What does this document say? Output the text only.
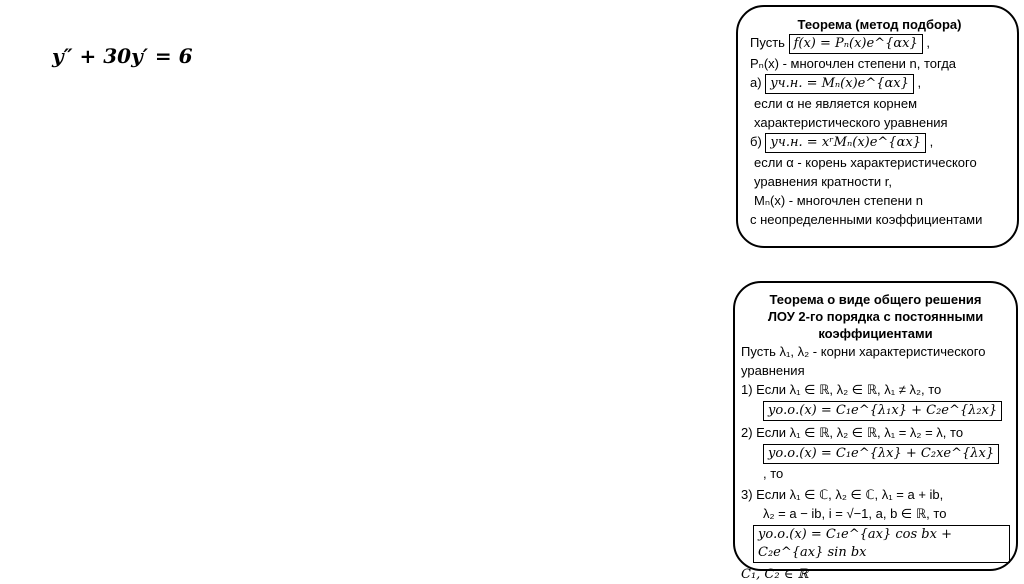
y″ + 30y′ = 6
Теорема (метод подбора)
Пусть f(x) = Pₙ(x)e^{αx} ,
Pₙ(x) - многочлен степени n, тогда
а) yч.н. = Mₙ(x)e^{αx} ,
если α не является корнем
характеристического уравнения
б) yч.н. = xʳMₙ(x)e^{αx} ,
если α - корень характеристического
уравнения кратности r,
Mₙ(x) - многочлен степени n
с неопределенными коэффициентами
Теорема о виде общего решения
ЛОУ 2-го порядка с постоянными
коэффициентами
Пусть λ₁, λ₂ - корни характеристического
уравнения
1) Если λ₁ ∈ ℝ, λ₂ ∈ ℝ, λ₁ ≠ λ₂, то
yо.о.(x) = C₁e^{λ₁x} + C₂e^{λ₂x}
2) Если λ₁ ∈ ℝ, λ₂ ∈ ℝ, λ₁ = λ₂ = λ, то
yо.о.(x) = C₁e^{λx} + C₂xe^{λx}, то
3) Если λ₁ ∈ ℂ, λ₂ ∈ ℂ, λ₁ = a + ib,
λ₂ = a − ib, i = √−1, a, b ∈ ℝ, то
yо.о.(x) = C₁e^{ax} cos bx + C₂e^{ax} sin bx
C₁, C₂ ∈ ℝ
